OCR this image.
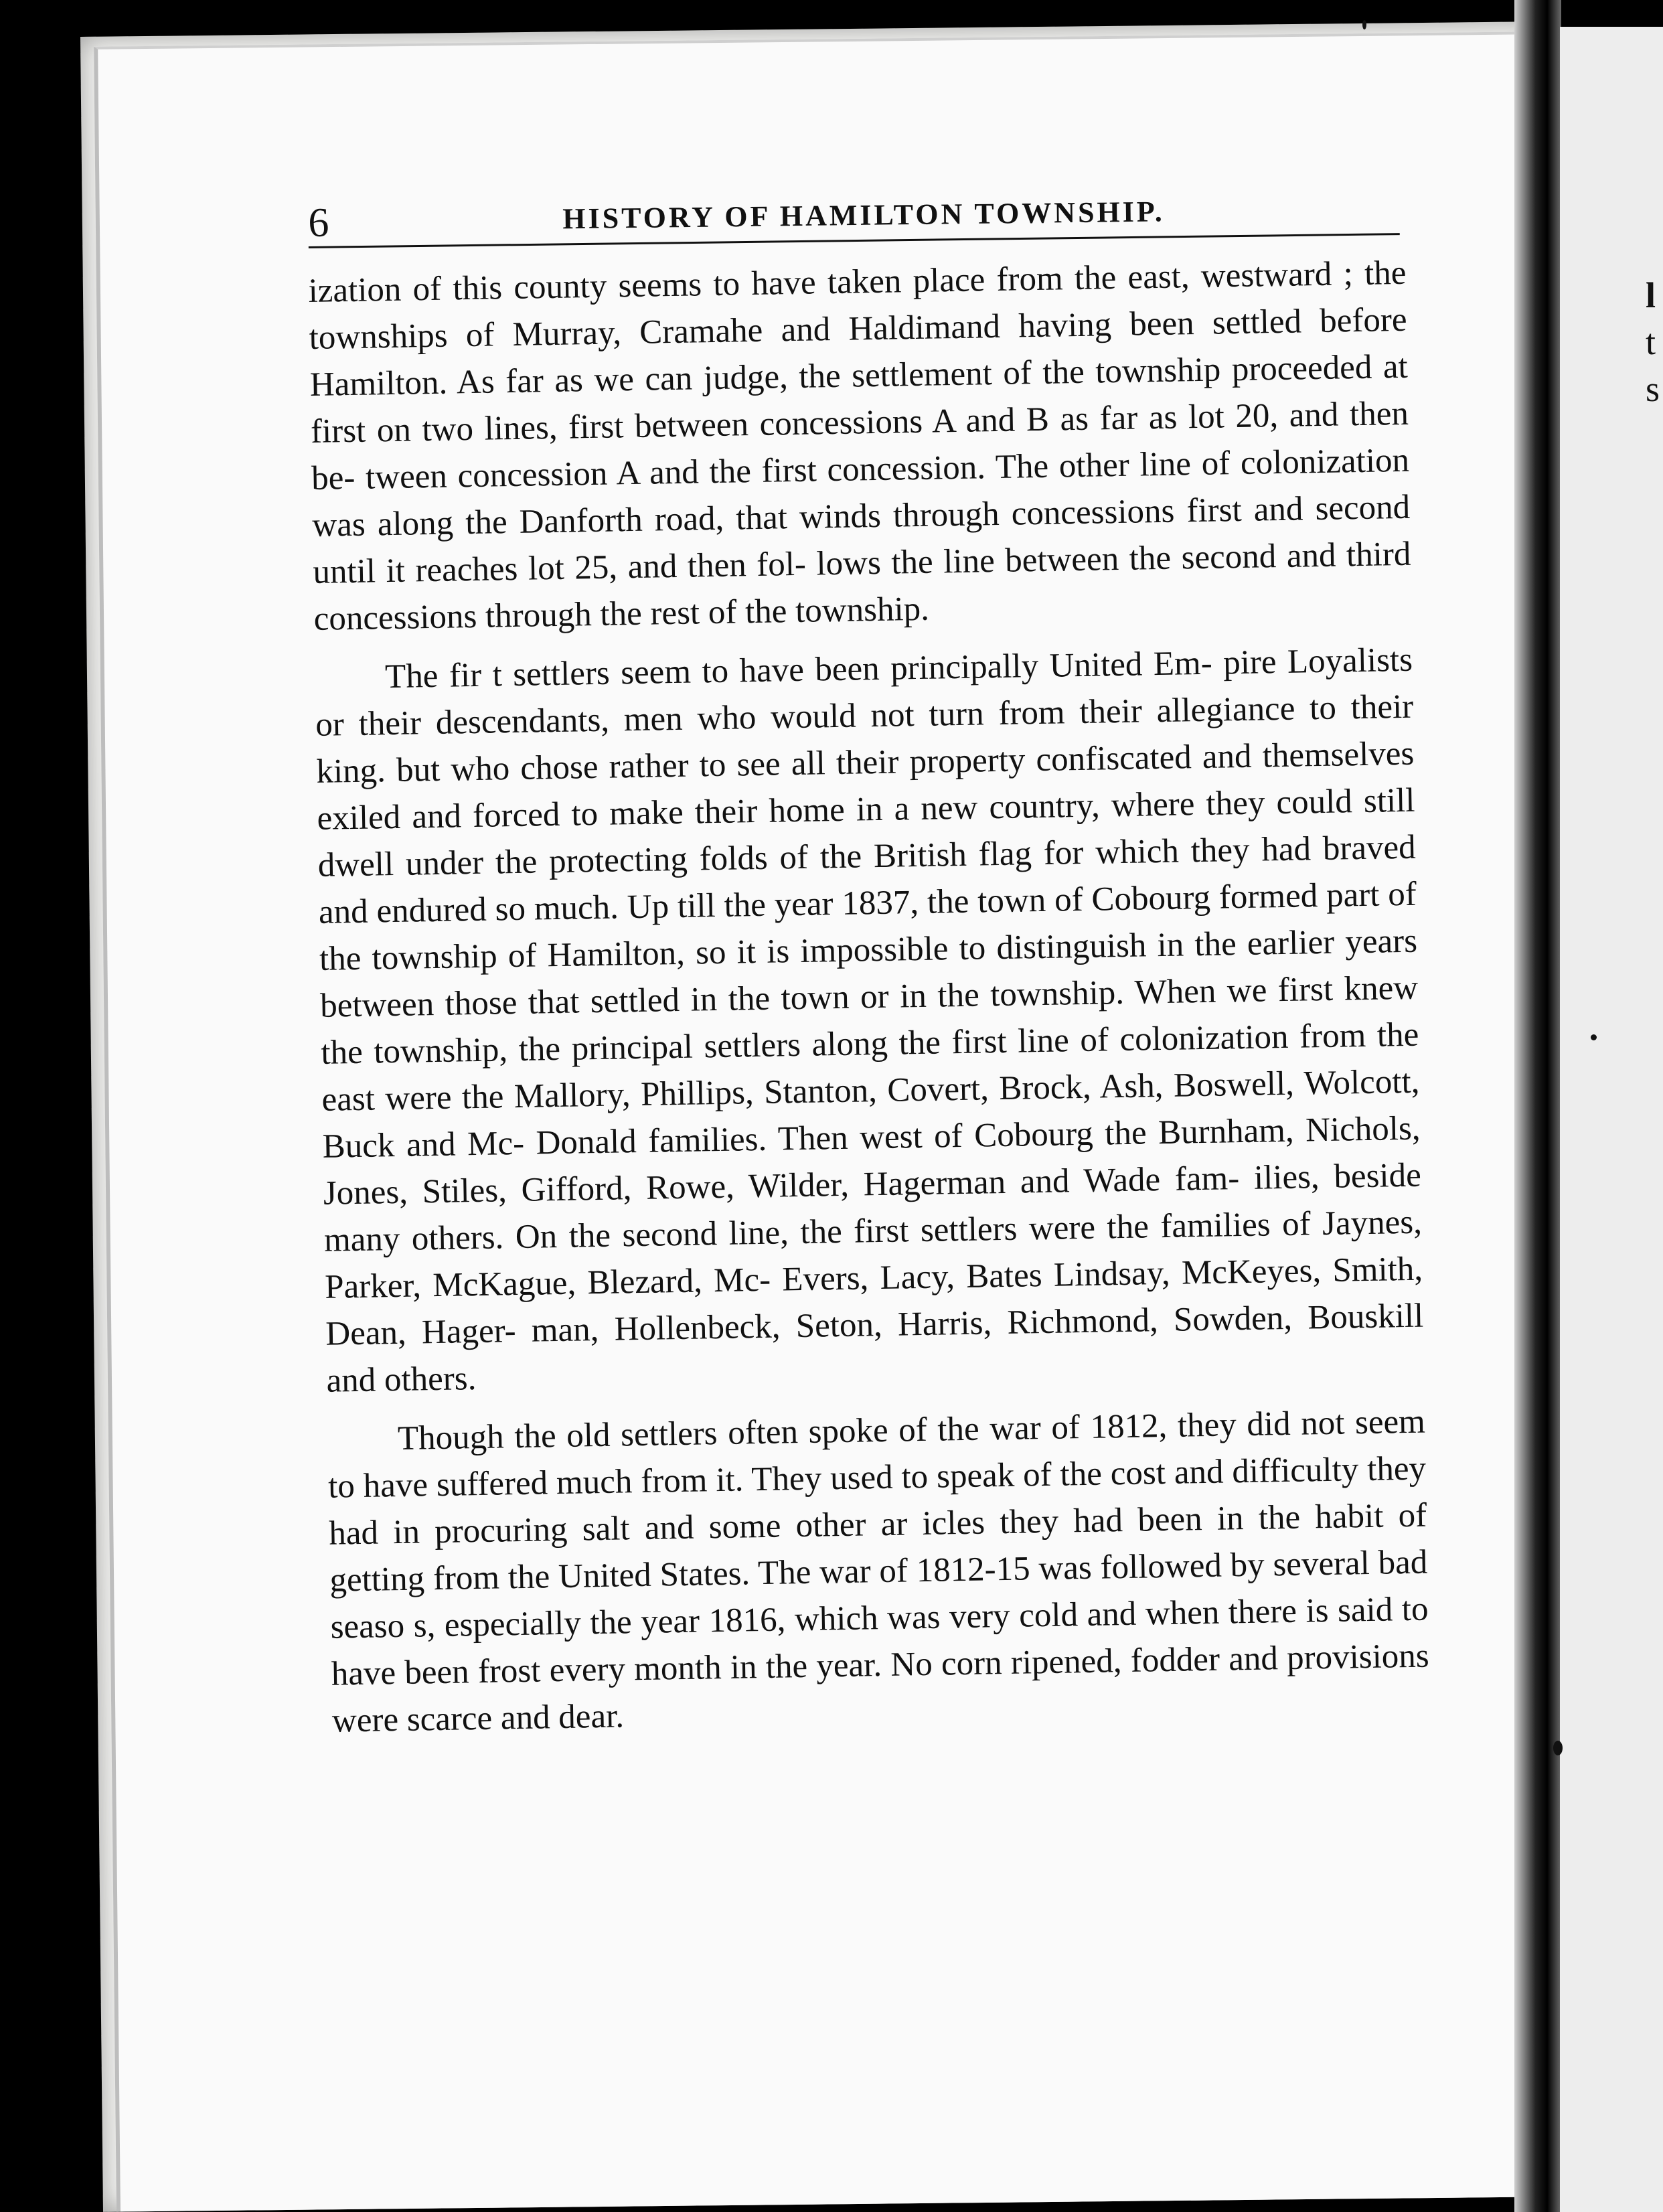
l
t
s
6	HISTORY OF HAMILTON TOWNSHIP.

ization of this county seems to have taken place from the east, westward ; the townships of Murray, Cramahe and Haldimand having been settled before Hamilton. As far as we can judge, the settlement of the township proceeded at first on two lines, first between concessions A and B as far as lot 20, and then be- tween concession A and the first concession. The other line of colonization was along the Danforth road, that winds through concessions first and second until it reaches lot 25, and then fol- lows the line between the second and third concessions through the rest of the township.

The fir t settlers seem to have been principally United Em- pire Loyalists or their descendants, men who would not turn from their allegiance to their king. but who chose rather to see all their property confiscated and themselves exiled and forced to make their home in a new country, where they could still dwell under the protecting folds of the British flag for which they had braved and endured so much. Up till the year 1837, the town of Cobourg formed part of the township of Hamilton, so it is impossible to distinguish in the earlier years between those that settled in the town or in the township. When we first knew the township, the principal settlers along the first line of colonization from the east were the Mallory, Phillips, Stanton, Covert, Brock, Ash, Boswell, Wolcott, Buck and Mc- Donald families. Then west of Cobourg the Burnham, Nichols, Jones, Stiles, Gifford, Rowe, Wilder, Hagerman and Wade fam- ilies, beside many others. On the second line, the first settlers were the families of Jaynes, Parker, McKague, Blezard, Mc- Evers, Lacy, Bates Lindsay, McKeyes, Smith, Dean, Hager- man, Hollenbeck, Seton, Harris, Richmond, Sowden, Bouskill and others.

Though the old settlers often spoke of the war of 1812, they did not seem to have suffered much from it. They used to speak of the cost and difficulty they had in procuring salt and some other ar icles they had been in the habit of getting from the United States. The war of 1812-15 was followed by several bad seaso s, especially the year 1816, which was very cold and when there is said to have been frost every month in the year. No corn ripened, fodder and provisions were scarce and dear.
